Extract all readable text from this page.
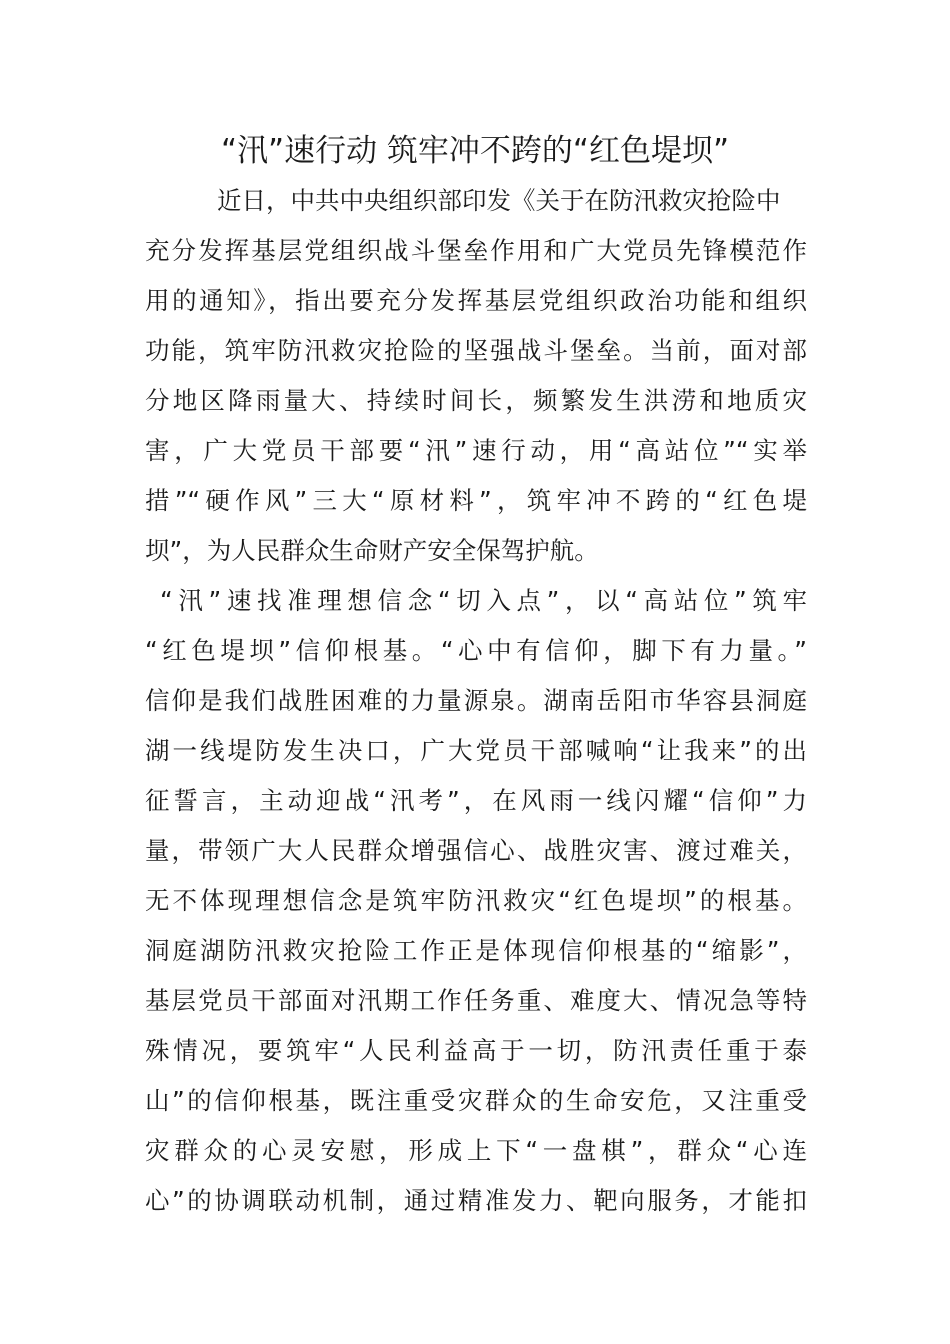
“汛”速行动 筑牢冲不跨的“红色堤坝”

近日，中共中央组织部印发《关于在防汛救灾抢险中

充分发挥基层党组织战斗堡垒作用和广大党员先锋模范作

用的通知》，指出要充分发挥基层党组织政治功能和组织

功能，筑牢防汛救灾抢险的坚强战斗堡垒。当前，面对部

分地区降雨量大、持续时间长，频繁发生洪涝和地质灾

害，广大党员干部要“汛”速行动，用“高站位”“实举

措”“硬作风”三大“原材料”，筑牢冲不跨的“红色堤

坝”，为人民群众生命财产安全保驾护航。

“汛”速找准理想信念“切入点”，以“高站位”筑牢

“红色堤坝”信仰根基。“心中有信仰，脚下有力量。”

信仰是我们战胜困难的力量源泉。湖南岳阳市华容县洞庭

湖一线堤防发生决口，广大党员干部喊响“让我来”的出

征誓言，主动迎战“汛考”，在风雨一线闪耀“信仰”力

量，带领广大人民群众增强信心、战胜灾害、渡过难关，

无不体现理想信念是筑牢防汛救灾“红色堤坝”的根基。

洞庭湖防汛救灾抢险工作正是体现信仰根基的“缩影”，

基层党员干部面对汛期工作任务重、难度大、情况急等特

殊情况，要筑牢“人民利益高于一切，防汛责任重于泰

山”的信仰根基，既注重受灾群众的生命安危，又注重受

灾群众的心灵安慰，形成上下“一盘棋”，群众“心连

心”的协调联动机制，通过精准发力、靶向服务，才能扣
